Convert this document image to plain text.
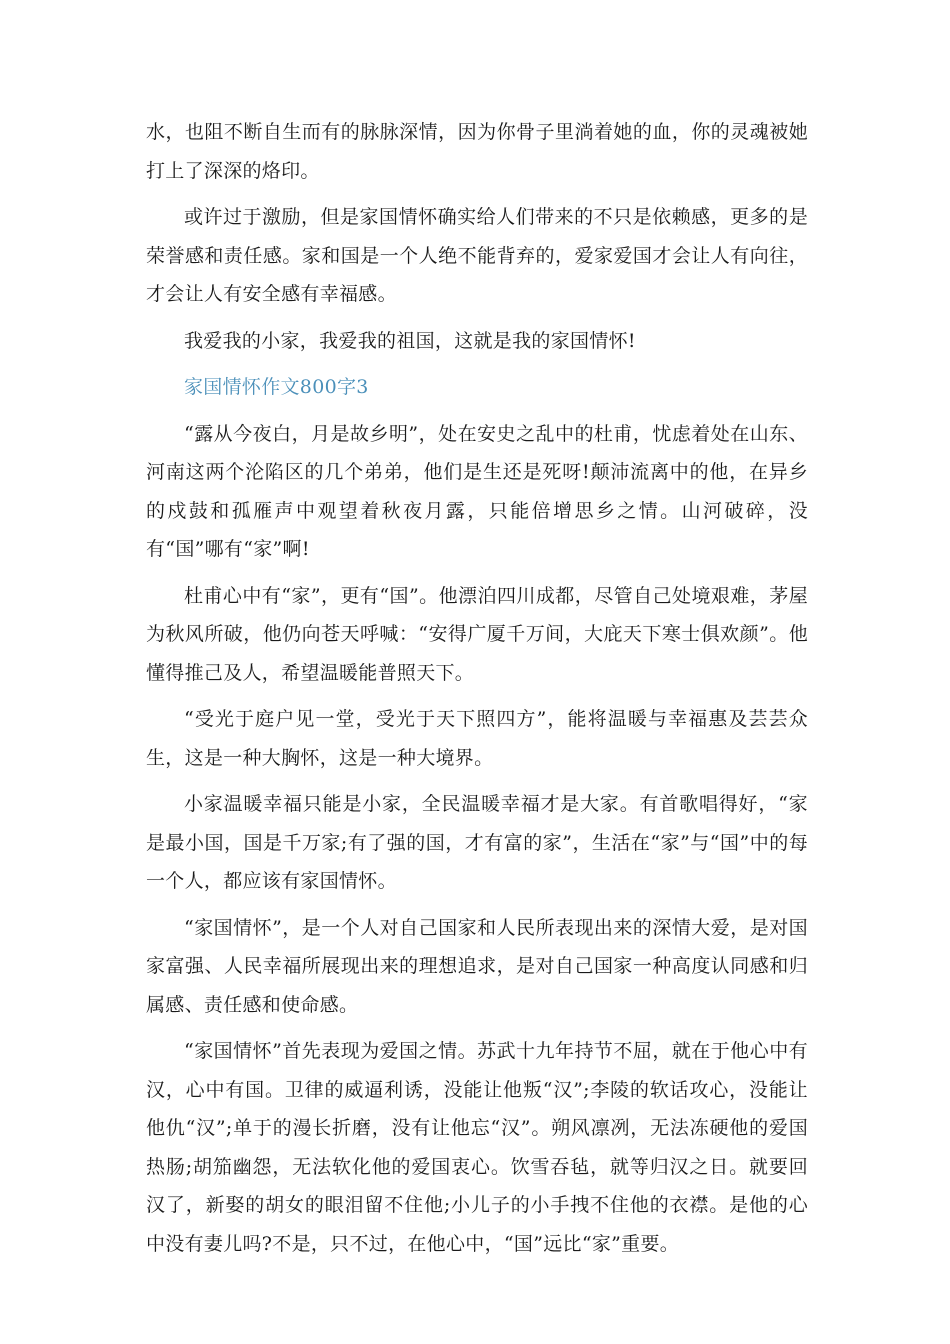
水，也阻不断自生而有的脉脉深情，因为你骨子里淌着她的血，你的灵魂被她打上了深深的烙印。

或许过于激励，但是家国情怀确实给人们带来的不只是依赖感，更多的是荣誉感和责任感。家和国是一个人绝不能背弃的，爱家爱国才会让人有向往，才会让人有安全感有幸福感。

我爱我的小家，我爱我的祖国，这就是我的家国情怀!

家国情怀作文800字3

“露从今夜白，月是故乡明”，处在安史之乱中的杜甫，忧虑着处在山东、河南这两个沦陷区的几个弟弟，他们是生还是死呀!颠沛流离中的他，在异乡的戍鼓和孤雁声中观望着秋夜月露，只能倍增思乡之情。山河破碎，没有“国”哪有“家”啊!

杜甫心中有“家”，更有“国”。他漂泊四川成都，尽管自己处境艰难，茅屋为秋风所破，他仍向苍天呼喊：“安得广厦千万间，大庇天下寒士俱欢颜”。他懂得推己及人，希望温暖能普照天下。

“受光于庭户见一堂，受光于天下照四方”，能将温暖与幸福惠及芸芸众生，这是一种大胸怀，这是一种大境界。

小家温暖幸福只能是小家，全民温暖幸福才是大家。有首歌唱得好，“家是最小国，国是千万家;有了强的国，才有富的家”，生活在“家”与“国”中的每一个人，都应该有家国情怀。

“家国情怀”，是一个人对自己国家和人民所表现出来的深情大爱，是对国家富强、人民幸福所展现出来的理想追求，是对自己国家一种高度认同感和归属感、责任感和使命感。

“家国情怀”首先表现为爱国之情。苏武十九年持节不屈，就在于他心中有汉，心中有国。卫律的威逼利诱，没能让他叛“汉”;李陵的软话攻心，没能让他仇“汉”;单于的漫长折磨，没有让他忘“汉”。朔风凛冽，无法冻硬他的爱国热肠;胡笳幽怨，无法软化他的爱国衷心。饮雪吞毡，就等归汉之日。就要回汉了，新娶的胡女的眼泪留不住他;小儿子的小手拽不住他的衣襟。是他的心中没有妻儿吗?不是，只不过，在他心中，“国”远比“家”重要。
